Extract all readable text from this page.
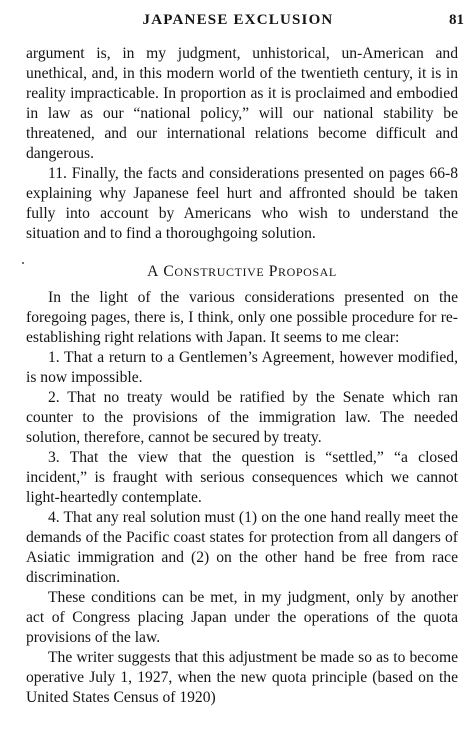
JAPANESE EXCLUSION	81

argument is, in my judgment, unhistorical, un-American and unethical, and, in this modern world of the twentieth century, it is in reality impracticable. In proportion as it is proclaimed and embodied in law as our “national policy,” will our national stability be threatened, and our international relations become difficult and dangerous.

11. Finally, the facts and considerations presented on pages 66-8 explaining why Japanese feel hurt and affronted should be taken fully into account by Americans who wish to understand the situation and to find a thoroughgoing solution.

A CONSTRUCTIVE PROPOSAL

In the light of the various considerations presented on the foregoing pages, there is, I think, only one possible procedure for re-establishing right relations with Japan. It seems to me clear:

1. That a return to a Gentlemen’s Agreement, however modified, is now impossible.

2. That no treaty would be ratified by the Senate which ran counter to the provisions of the immigration law. The needed solution, therefore, cannot be secured by treaty.

3. That the view that the question is “settled,” “a closed incident,” is fraught with serious consequences which we cannot light-heartedly contemplate.

4. That any real solution must (1) on the one hand really meet the demands of the Pacific coast states for protection from all dangers of Asiatic immigration and (2) on the other hand be free from race discrimination.

These conditions can be met, in my judgment, only by another act of Congress placing Japan under the operations of the quota provisions of the law.

The writer suggests that this adjustment be made so as to become operative July 1, 1927, when the new quota principle (based on the United States Census of 1920)
